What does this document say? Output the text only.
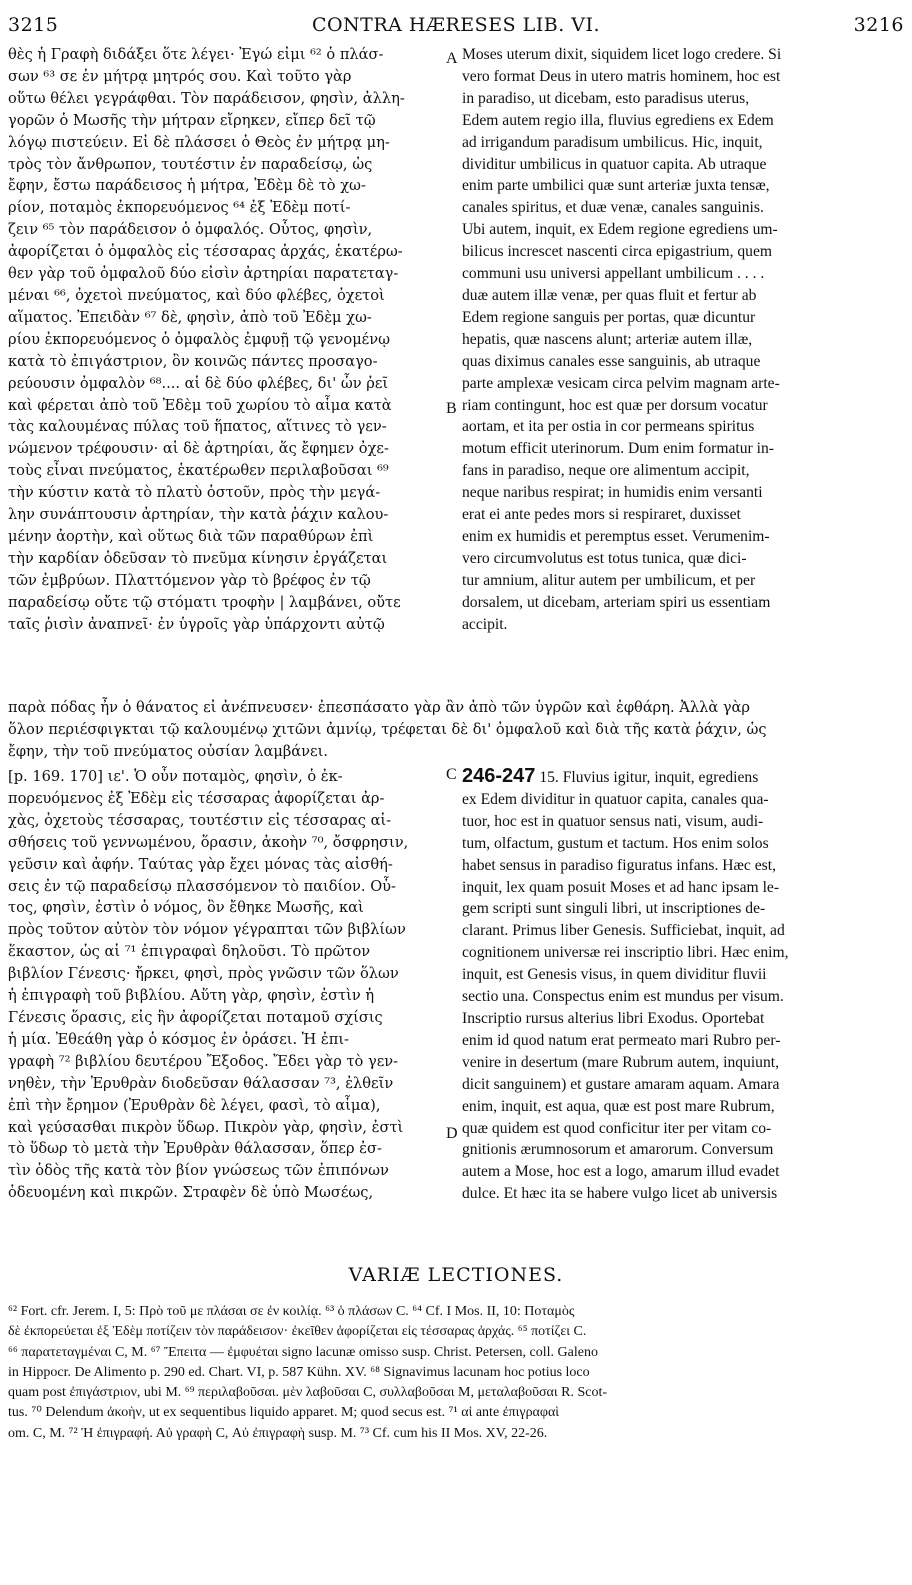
3215	CONTRA HÆRESES LIB. VI.	3216
A
B
C
D
θὲς ἡ Γραφὴ διδάξει ὅτε λέγει· Ἐγώ εἰμι ⁶² ὁ πλάσ-
σων ⁶³ σε ἐν μήτρᾳ μητρός σου. Καὶ τοῦτο γὰρ
οὕτω θέλει γεγράφθαι. Τὸν παράδεισον, φησὶν, ἀλλη-
γορῶν ὁ Μωσῆς τὴν μήτραν εἴρηκεν, εἴπερ δεῖ τῷ
λόγῳ πιστεύειν. Εἰ δὲ πλάσσει ὁ Θεὸς ἐν μήτρᾳ μη-
τρὸς τὸν ἄνθρωπον, τουτέστιν ἐν παραδείσῳ, ὡς
ἔφην, ἔστω παράδεισος ἡ μήτρα, Ἐδὲμ δὲ τὸ χω-
ρίον, ποταμὸς ἐκπορευόμενος ⁶⁴ ἐξ Ἐδὲμ ποτί-
ζειν ⁶⁵ τὸν παράδεισον ὁ ὀμφαλός. Οὗτος, φησὶν,
ἀφορίζεται ὁ ὀμφαλὸς εἰς τέσσαρας ἀρχάς, ἑκατέρω-
θεν γὰρ τοῦ ὀμφαλοῦ δύο εἰσὶν ἀρτηρίαι παρατεταγ-
μέναι ⁶⁶, ὀχετοὶ πνεύματος, καὶ δύο φλέβες, ὀχετοὶ
αἵματος. Ἐπειδὰν ⁶⁷ δὲ, φησὶν, ἀπὸ τοῦ Ἐδὲμ χω-
ρίου ἐκπορευόμενος ὁ ὀμφαλὸς ἐμφυῇ τῷ γενομένῳ
κατὰ τὸ ἐπιγάστριον, ὃν κοινῶς πάντες προσαγο-
ρεύουσιν ὀμφαλὸν ⁶⁸.... αἱ δὲ δύο φλέβες, δι' ὧν ῥεῖ
καὶ φέρεται ἀπὸ τοῦ Ἐδὲμ τοῦ χωρίου τὸ αἷμα κατὰ
τὰς καλουμένας πύλας τοῦ ἥπατος, αἵτινες τὸ γεν-
νώμενον τρέφουσιν· αἱ δὲ ἀρτηρίαι, ἅς ἔφημεν ὀχε-
τοὺς εἶναι πνεύματος, ἑκατέρωθεν περιλαβοῦσαι ⁶⁹
τὴν κύστιν κατὰ τὸ πλατὺ ὀστοῦν, πρὸς τὴν μεγά-
λην συνάπτουσιν ἀρτηρίαν, τὴν κατὰ ῥάχιν καλου-
μένην ἀορτὴν, καὶ οὕτως διὰ τῶν παραθύρων ἐπὶ
τὴν καρδίαν ὁδεῦσαν τὸ πνεῦμα κίνησιν ἐργάζεται
τῶν ἐμβρύων. Πλαττόμενον γὰρ τὸ βρέφος ἐν τῷ
παραδείσῳ οὔτε τῷ στόματι τροφὴν | λαμβάνει, οὔτε
ταῖς ῥισὶν ἀναπνεῖ· ἐν ὑγροῖς γὰρ ὑπάρχοντι αὐτῷ
Moses uterum dixit, siquidem licet logo credere. Si
vero format Deus in utero matris hominem, hoc est
in paradiso, ut dicebam, esto paradisus uterus,
Edem autem regio illa, fluvius egrediens ex Edem
ad irrigandum paradisum umbilicus. Hic, inquit,
dividitur umbilicus in quatuor capita. Ab utraque
enim parte umbilici quæ sunt arteriæ juxta tensæ,
canales spiritus, et duæ venæ, canales sanguinis.
Ubi autem, inquit, ex Edem regione egrediens um-
bilicus increscet nascenti circa epigastrium, quem
communi usu universi appellant umbilicum . . . .
duæ autem illæ venæ, per quas fluit et fertur ab
Edem regione sanguis per portas, quæ dicuntur
hepatis, quæ nascens alunt; arteriæ autem illæ,
quas diximus canales esse sanguinis, ab utraque
parte amplexæ vesicam circa pelvim magnam arte-
riam contingunt, hoc est quæ per dorsum vocatur
aortam, et ita per ostia in cor permeans spiritus
motum efficit uterinorum. Dum enim formatur in-
fans in paradiso, neque ore alimentum accipit,
neque naribus respirat; in humidis enim versanti
erat ei ante pedes mors si respiraret, duxisset
enim ex humidis et peremptus esset. Verumenim-
vero circumvolutus est totus tunica, quæ dici-
tur amnium, alitur autem per umbilicum, et per
dorsalem, ut dicebam, arteriam spiri us essentiam
accipit.
παρὰ πόδας ἦν ὁ θάνατος εἰ ἀνέπνευσεν· ἐπεσπάσατο γὰρ ἂν ἀπὸ τῶν ὑγρῶν καὶ ἐφθάρη. Ἀλλὰ γὰρ
ὅλον περιέσφιγκται τῷ καλουμένῳ χιτῶνι ἀμνίῳ, τρέφεται δὲ δι' ὀμφαλοῦ καὶ διὰ τῆς κατὰ ῥάχιν, ὡς
ἔφην, τὴν τοῦ πνεύματος οὐσίαν λαμβάνει.
[p. 169. 170] ιε'. Ὁ οὖν ποταμὸς, φησὶν, ὁ ἐκ-
πορευόμενος ἐξ Ἐδὲμ εἰς τέσσαρας ἀφορίζεται ἀρ-
χὰς, ὀχετοὺς τέσσαρας, τουτέστιν εἰς τέσσαρας αἰ-
σθήσεις τοῦ γεννωμένου, ὅρασιν, ἀκοὴν ⁷⁰, ὄσφρησιν,
γεῦσιν καὶ ἀφήν. Ταύτας γὰρ ἔχει μόνας τὰς αἰσθή-
σεις ἐν τῷ παραδείσῳ πλασσόμενον τὸ παιδίον. Οὗ-
τος, φησὶν, ἐστὶν ὁ νόμος, ὃν ἔθηκε Μωσῆς, καὶ
πρὸς τοῦτον αὐτὸν τὸν νόμον γέγραπται τῶν βιβλίων
ἕκαστον, ὡς αἱ ⁷¹ ἐπιγραφαὶ δηλοῦσι. Τὸ πρῶτον
βιβλίον Γένεσις· ἤρκει, φησὶ, πρὸς γνῶσιν τῶν ὅλων
ἡ ἐπιγραφὴ τοῦ βιβλίου. Αὕτη γὰρ, φησὶν, ἐστὶν ἡ
Γένεσις ὅρασις, εἰς ἣν ἀφορίζεται ποταμοῦ σχίσις
ἡ μία. Ἐθεάθη γὰρ ὁ κόσμος ἐν ὁράσει. Ἡ ἐπι-
γραφὴ ⁷² βιβλίου δευτέρου Ἔξοδος. Ἔδει γὰρ τὸ γεν-
νηθὲν, τὴν Ἐρυθρὰν διοδεῦσαν θάλασσαν ⁷³, ἐλθεῖν
ἐπὶ τὴν ἔρημον (Ἐρυθρὰν δὲ λέγει, φασὶ, τὸ αἷμα),
καὶ γεύσασθαι πικρὸν ὕδωρ. Πικρὸν γὰρ, φησὶν, ἐστὶ
τὸ ὕδωρ τὸ μετὰ τὴν Ἐρυθρὰν θάλασσαν, ὅπερ ἐσ-
τὶν ὁδὸς τῆς κατὰ τὸν βίον γνώσεως τῶν ἐπιπόνων
ὁδευομένη καὶ πικρῶν. Στραφὲν δὲ ὑπὸ Μωσέως,
246-247 15. Fluvius igitur, inquit, egrediens
ex Edem dividitur in quatuor capita, canales qua-
tuor, hoc est in quatuor sensus nati, visum, audi-
tum, olfactum, gustum et tactum. Hos enim solos
habet sensus in paradiso figuratus infans. Hæc est,
inquit, lex quam posuit Moses et ad hanc ipsam le-
gem scripti sunt singuli libri, ut inscriptiones de-
clarant. Primus liber Genesis. Sufficiebat, inquit, ad
cognitionem universæ rei inscriptio libri. Hæc enim,
inquit, est Genesis visus, in quem dividitur fluvii
sectio una. Conspectus enim est mundus per visum.
Inscriptio rursus alterius libri Exodus. Oportebat
enim id quod natum erat permeato mari Rubro per-
venire in desertum (mare Rubrum autem, inquiunt,
dicit sanguinem) et gustare amaram aquam. Amara
enim, inquit, est aqua, quæ est post mare Rubrum,
quæ quidem est quod conficitur iter per vitam co-
gnitionis ærumnosorum et amarorum. Conversum
autem a Mose, hoc est a logo, amarum illud evadet
dulce. Et hæc ita se habere vulgo licet ab universis
VARIÆ LECTIONES.
⁶² Fort. cfr. Jerem. I, 5: Πρὸ τοῦ με πλάσαι σε ἐν κοιλίᾳ. ⁶³ ὁ πλάσων C. ⁶⁴ Cf. I Mos. II, 10: Ποταμὸς
δὲ ἐκπορεύεται ἐξ Ἐδὲμ ποτίζειν τὸν παράδεισον· ἐκεῖθεν ἀφορίζεται εἰς τέσσαρας ἀρχάς. ⁶⁵ ποτίζει C.
⁶⁶ παρατεταγμέναι C, M. ⁶⁷ Ἔπειτα — ἐμφυέται signo lacunæ omisso susp. Christ. Petersen, coll. Galeno
in Hippocr. De Alimento p. 290 ed. Chart. VI, p. 587 Kühn. XV. ⁶⁸ Signavimus lacunam hoc potius loco
quam post ἐπιγάστριον, ubi M. ⁶⁹ περιλαβοῦσαι. μὲν λαβοῦσαι C, συλλαβοῦσαι M, μεταλαβοῦσαι R. Scot-
tus. ⁷⁰ Delendum ἀκοὴν, ut ex sequentibus liquido apparet. M; quod secus est. ⁷¹ αἱ ante ἐπιγραφαὶ
om. C, M. ⁷² Ἡ ἐπιγραφή. Αὐ γραφὴ C, Αὐ ἐπιγραφὴ susp. M. ⁷³ Cf. cum his II Mos. XV, 22-26.
